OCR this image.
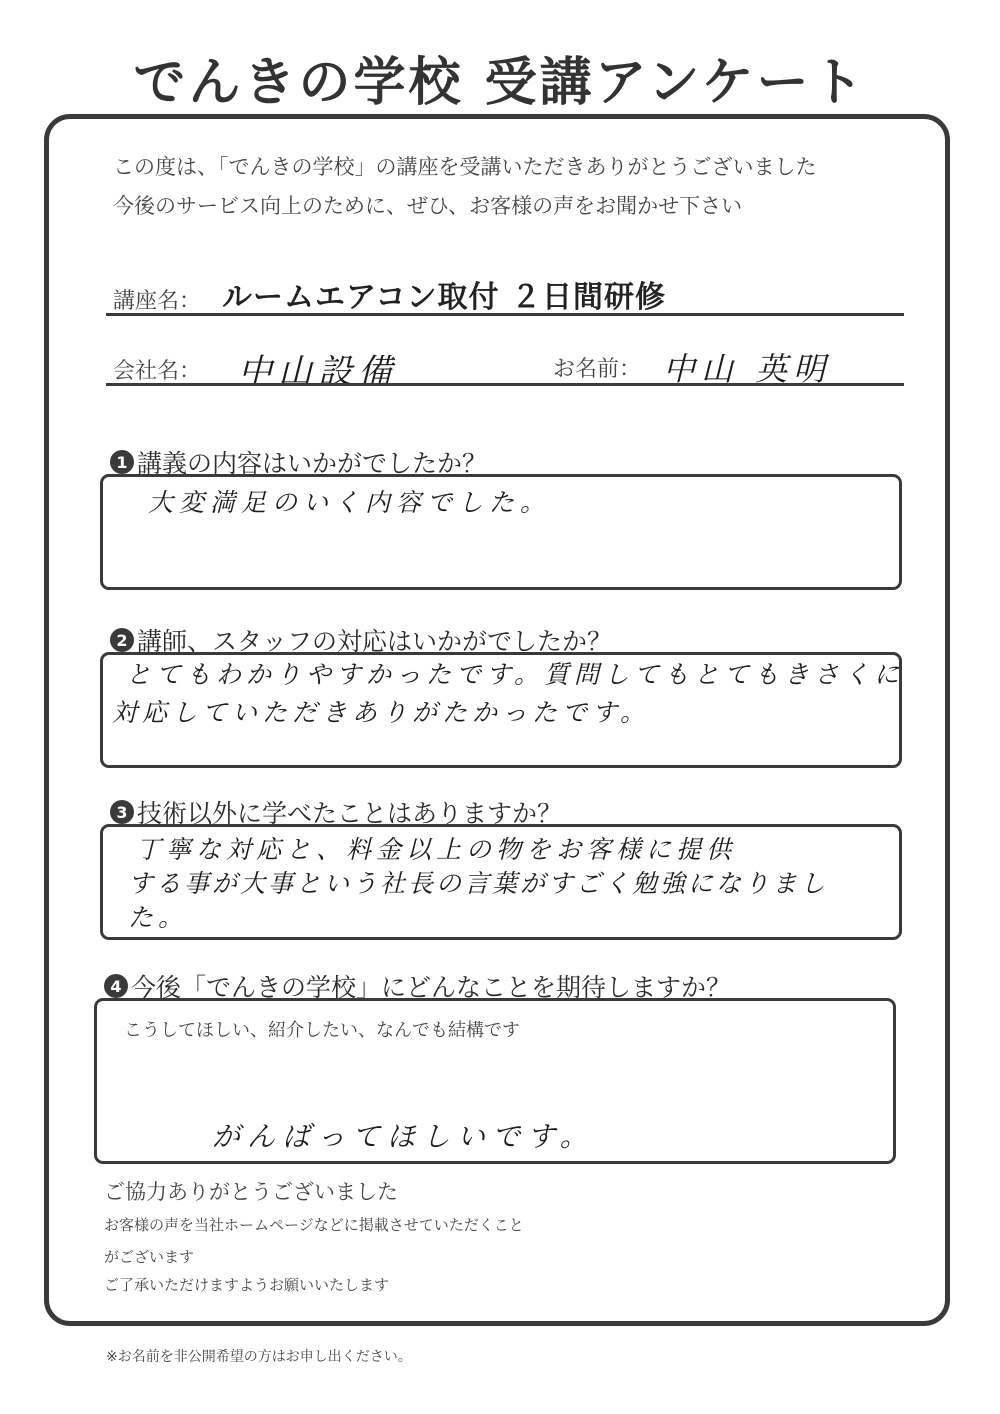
でんきの学校 受講アンケート
この度は、「でんきの学校」の講座を受講いただきありがとうございました
今後のサービス向上のために、ぜひ、お客様の声をお聞かせ下さい
講座名： ルームエアコン取付 ２日間研修
会社名： 中山設備	お名前： 中山 英明
1 講義の内容はいかがでしたか？
大変満足のいく内容でした。
2 講師、スタッフの対応はいかがでしたか？
とてもわかりやすかったです。質問してもとてもきさくに
対応していただきありがたかったです。
3 技術以外に学べたことはありますか？
丁寧な対応と、料金以上の物をお客様に提供
する事が大事という社長の言葉がすごく勉強になりまし
た。
4 今後「でんきの学校」にどんなことを期待しますか？
こうしてほしい、紹介したい、なんでも結構です
がんばってほしいです。
ご協力ありがとうございました
お客様の声を当社ホームページなどに掲載させていただくこと
がございます
ご了承いただけますようお願いいたします
※お名前を非公開希望の方はお申し出ください。
